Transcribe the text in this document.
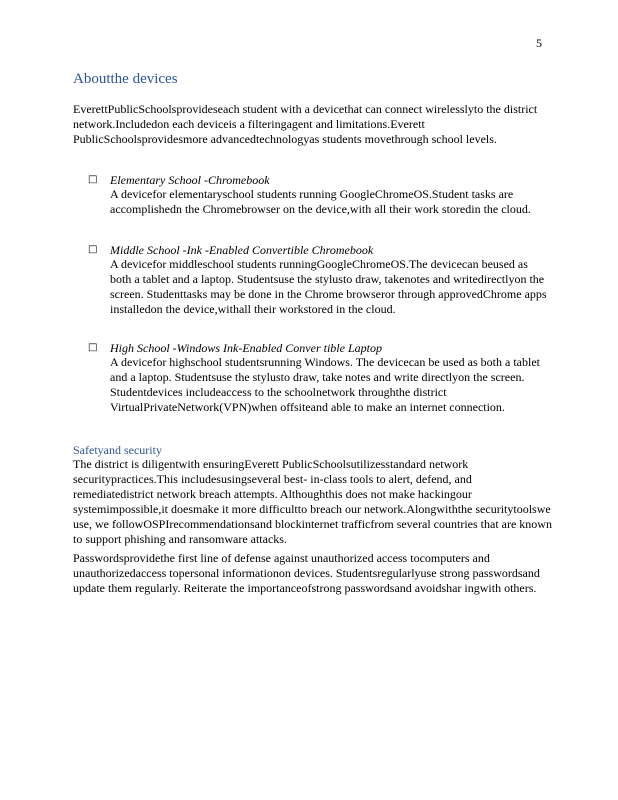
5
Aboutthe devices

EverettPublicSchoolsprovideseach student with a devicethat can connect wirelesslyto the district network.Includedon each deviceis a filteringagent and limitations.Everett PublicSchoolsprovidesmore advancedtechnologyas students movethrough school levels.

□ Elementary School -Chromebook

A devicefor elementaryschool students running GoogleChromeOS.Student tasks are accomplishedn the Chromebrowser on the device,with all their work storedin the cloud.

□ Middle School -Ink -Enabled Convertible Chromebook

A devicefor middleschool students runningGoogleChromeOS.The devicecan beused as both a tablet and a laptop. Studentsuse the stylusto draw, takenotes and writedirectlyon the screen. Studenttasks may be done in the Chrome browseror through approvedChrome apps installedon the device,withall their workstored in the cloud.

□ High School -Windows Ink-Enabled Conver tible Laptop

A devicefor highschool studentsrunning Windows. The devicecan be used as both a tablet and a laptop. Studentsuse the stylusto draw, take notes and write directlyon the screen. Studentdevices includeaccess to the schoolnetwork throughthe district VirtualPrivateNetwork(VPN)when offsiteand able to make an internet connection.

Safetyand security

The district is diligentwith ensuringEverett PublicSchoolsutilizesstandard network securitypractices.This includesusingseveral best- in-class tools to alert, defend, and remediatedistrict network breach attempts. Althoughthis does not make hackingour systemimpossible,it doesmake it more difficultto breach our network.Alongwiththe securitytoolswe use, we followOSPIrecommendationsand blockinternet trafficfrom several countries that are known to support phishing and ransomware attacks.

Passwordsprovidethe first line of defense against unauthorized access tocomputers and unauthorizedaccess topersonal informationon devices. Studentsregularlyuse strong passwordsand update them regularly. Reiterate the importanceofstrong passwordsand avoidshar ingwith others.
